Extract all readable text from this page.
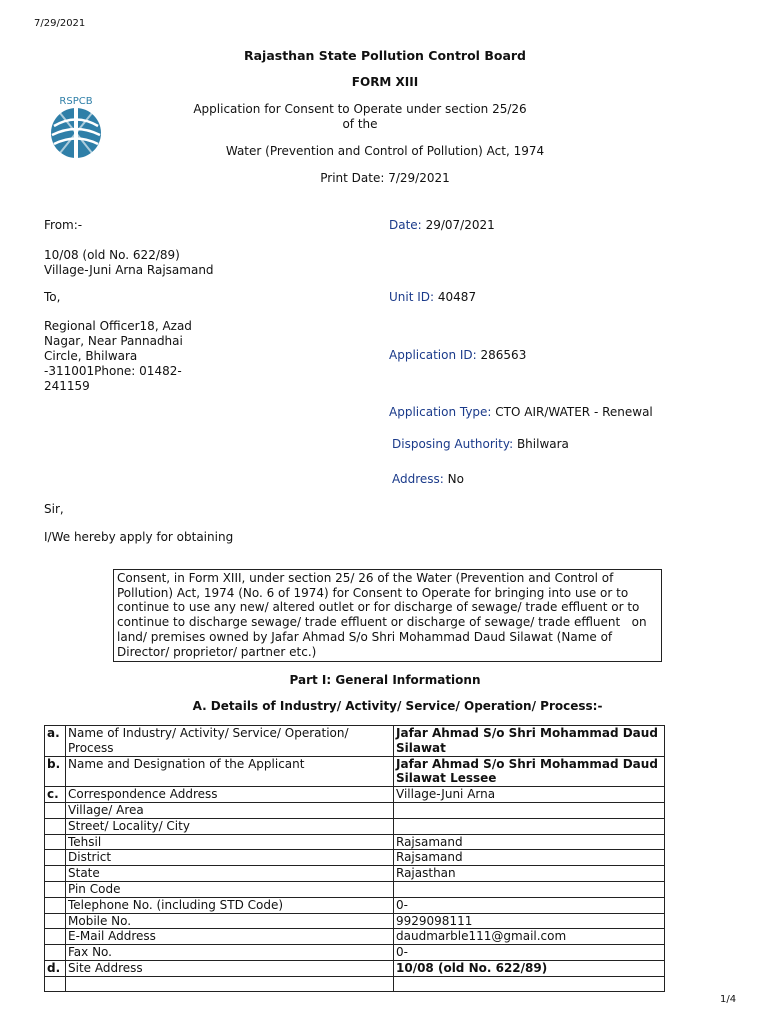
7/29/2021
Rajasthan State Pollution Control Board
FORM XIII
RSPCB
Application for Consent to Operate under section 25/26
of the
Water (Prevention and Control of Pollution) Act, 1974
Print Date: 7/29/2021
From:-
10/08 (old No. 622/89)
Village-Juni Arna Rajsamand
To,
Regional Officer18, Azad
Nagar, Near Pannadhai
Circle, Bhilwara
-311001Phone: 01482-
241159
Sir,
I/We hereby apply for obtaining
Date: 29/07/2021
Unit ID: 40487
Application ID: 286563
Application Type: CTO AIR/WATER - Renewal
Disposing Authority: Bhilwara
Address: No
Consent, in Form XIII, under section 25/ 26 of the Water (Prevention and Control of
Pollution) Act, 1974 (No. 6 of 1974) for Consent to Operate for bringing into use or to
continue to use any new/ altered outlet or for discharge of sewage/ trade effluent or to
continue to discharge sewage/ trade effluent or discharge of sewage/ trade effluent   on
land/ premises owned by Jafar Ahmad S/o Shri Mohammad Daud Silawat (Name of
Director/ proprietor/ partner etc.)
Part I: General Informationn
A. Details of Industry/ Activity/ Service/ Operation/ Process:-
a.	Name of Industry/ Activity/ Service/ Operation/ Process	Jafar Ahmad S/o Shri Mohammad Daud Silawat
b.	Name and Designation of the Applicant	Jafar Ahmad S/o Shri Mohammad Daud Silawat Lessee
c.	Correspondence Address	Village-Juni Arna
	Village/ Area	
	Street/ Locality/ City	
	Tehsil	Rajsamand
	District	Rajsamand
	State	Rajasthan
	Pin Code	
	Telephone No. (including STD Code)	0-
	Mobile No.	9929098111
	E-Mail Address	daudmarble111@gmail.com
	Fax No.	0-
d.	Site Address	10/08 (old No. 622/89)

1/4
